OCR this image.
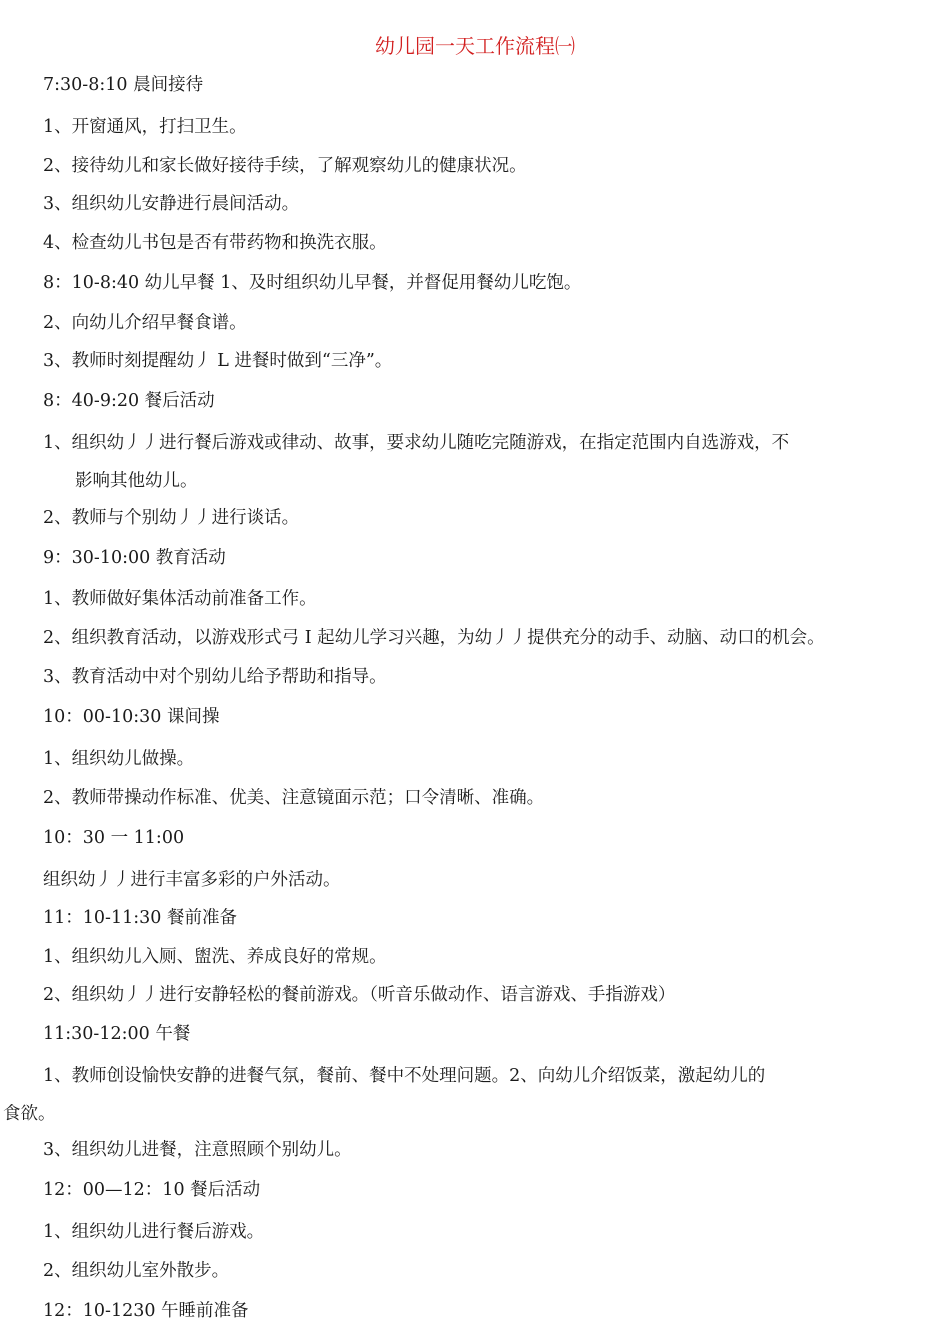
幼儿园一天工作流程㈠
7:30-8:10 晨间接待
1、开窗通风，打扫卫生。
2、接待幼儿和家长做好接待手续，了解观察幼儿的健康状况。
3、组织幼儿安静进行晨间活动。
4、检查幼儿书包是否有带药物和换洗衣服。
8：10-8:40 幼儿早餐 1、及时组织幼儿早餐，并督促用餐幼儿吃饱。
2、向幼儿介绍早餐食谱。
3、教师时刻提醒幼丿 L 进餐时做到“三净”。
8：40-9:20 餐后活动
1、组织幼丿丿进行餐后游戏或律动、故事，要求幼儿随吃完随游戏，在指定范围内自选游戏，不
影响其他幼儿。
2、教师与个别幼丿丿进行谈话。
9：30-10:00 教育活动
1、教师做好集体活动前准备工作。
2、组织教育活动，以游戏形式弓 I 起幼儿学习兴趣，为幼丿丿提供充分的动手、动脑、动口的机会。
3、教育活动中对个别幼儿给予帮助和指导。
10：00-10:30 课间操
1、组织幼儿做操。
2、教师带操动作标准、优美、注意镜面示范；口令清晰、准确。
10：30 一 11:00
组织幼丿丿进行丰富多彩的户外活动。
11：10-11:30 餐前准备
1、组织幼儿入厕、盥洗、养成良好的常规。
2、组织幼丿丿进行安静轻松的餐前游戏。（听音乐做动作、语言游戏、手指游戏）
11:30-12:00 午餐
1、教师创设愉快安静的进餐气氛，餐前、餐中不处理问题。2、向幼儿介绍饭菜，激起幼儿的
食欲。
3、组织幼儿进餐，注意照顾个别幼儿。
12：00—12：10 餐后活动
1、组织幼儿进行餐后游戏。
2、组织幼儿室外散步。
12：10-1230 午睡前准备
